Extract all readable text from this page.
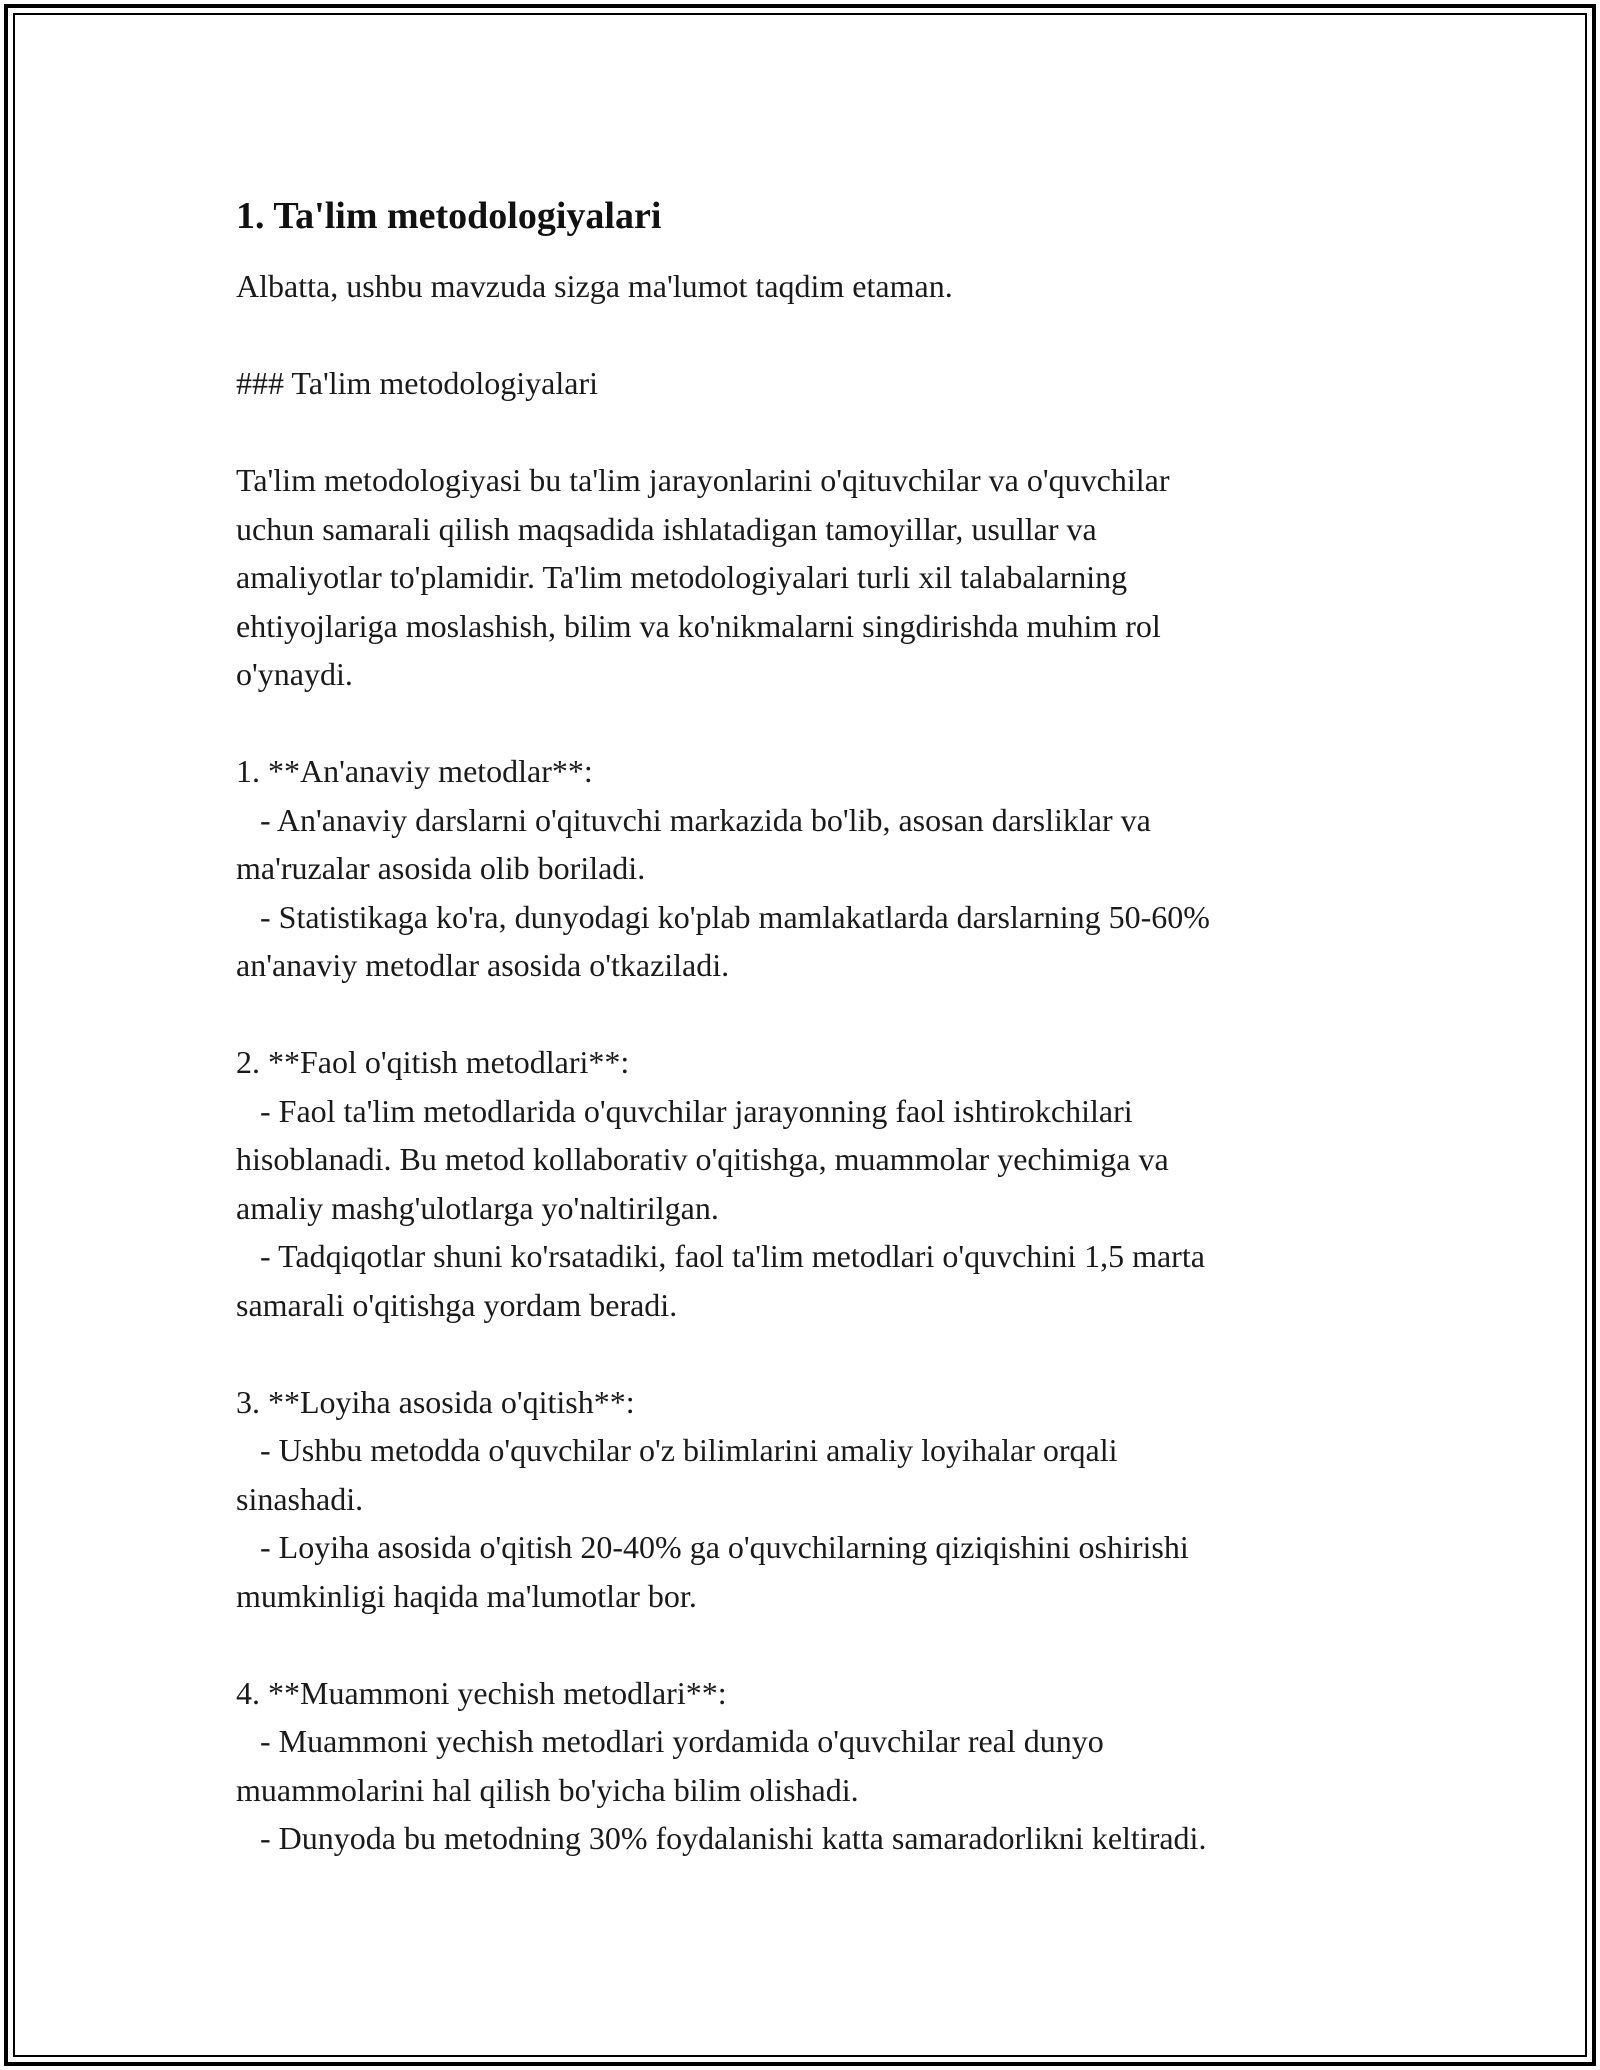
1. Ta'lim metodologiyalari

Albatta, ushbu mavzuda sizga ma'lumot taqdim etaman.

### Ta'lim metodologiyalari

Ta'lim metodologiyasi bu ta'lim jarayonlarini o'qituvchilar va o'quvchilar
uchun samarali qilish maqsadida ishlatadigan tamoyillar, usullar va
amaliyotlar to'plamidir. Ta'lim metodologiyalari turli xil talabalarning
ehtiyojlariga moslashish, bilim va ko'nikmalarni singdirishda muhim rol
o'ynaydi.

1. **An'anaviy metodlar**:

- An'anaviy darslarni o'qituvchi markazida bo'lib, asosan darsliklar va
ma'ruzalar asosida olib boriladi.

- Statistikaga ko'ra, dunyodagi ko'plab mamlakatlarda darslarning 50-60%
an'anaviy metodlar asosida o'tkaziladi.

2. **Faol o'qitish metodlari**:

- Faol ta'lim metodlarida o'quvchilar jarayonning faol ishtirokchilari
hisoblanadi. Bu metod kollaborativ o'qitishga, muammolar yechimiga va
amaliy mashg'ulotlarga yo'naltirilgan.

- Tadqiqotlar shuni ko'rsatadiki, faol ta'lim metodlari o'quvchini 1,5 marta
samarali o'qitishga yordam beradi.

3. **Loyiha asosida o'qitish**:

- Ushbu metodda o'quvchilar o'z bilimlarini amaliy loyihalar orqali
sinashadi.

- Loyiha asosida o'qitish 20-40% ga o'quvchilarning qiziqishini oshirishi
mumkinligi haqida ma'lumotlar bor.

4. **Muammoni yechish metodlari**:

- Muammoni yechish metodlari yordamida o'quvchilar real dunyo
muammolarini hal qilish bo'yicha bilim olishadi.

- Dunyoda bu metodning 30% foydalanishi katta samaradorlikni keltiradi.
